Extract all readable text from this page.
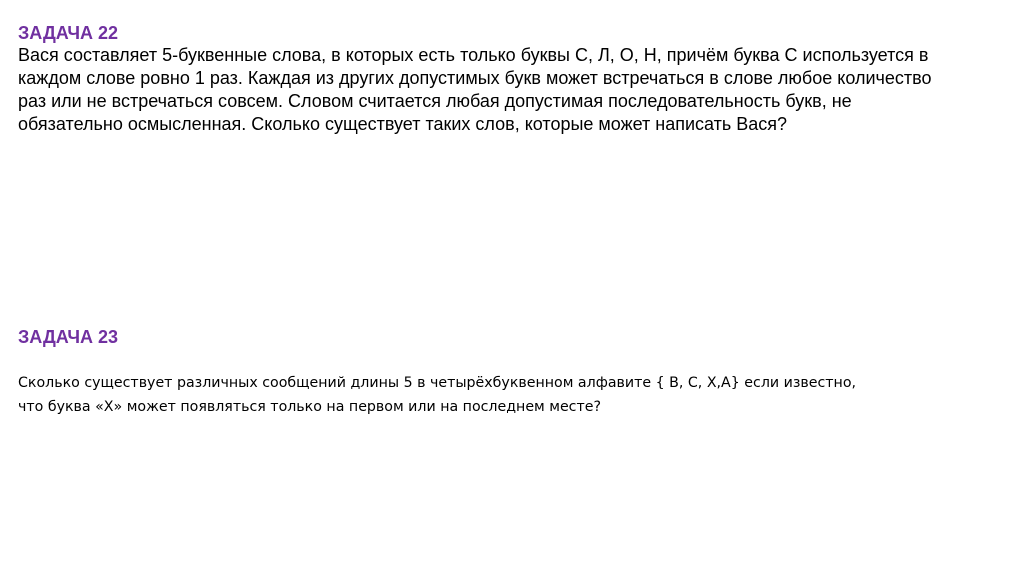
ЗАДАЧА 22

Вася составляет 5-буквенные слова, в которых есть только буквы С, Л, О, Н, причём буква С используется в
каждом слове ровно 1 раз. Каждая из других допустимых букв может встречаться в слове любое количество
раз или не встречаться совсем. Словом считается любая допустимая последовательность букв, не
обязательно осмысленная. Сколько существует таких слов, которые может написать Вася?

ЗАДАЧА 23

Сколько существует различных сообщений длины 5 в четырёхбуквенном алфавите { В, С, Х,А} если известно,
что буква «Х» может появляться только на первом или на последнем месте?
